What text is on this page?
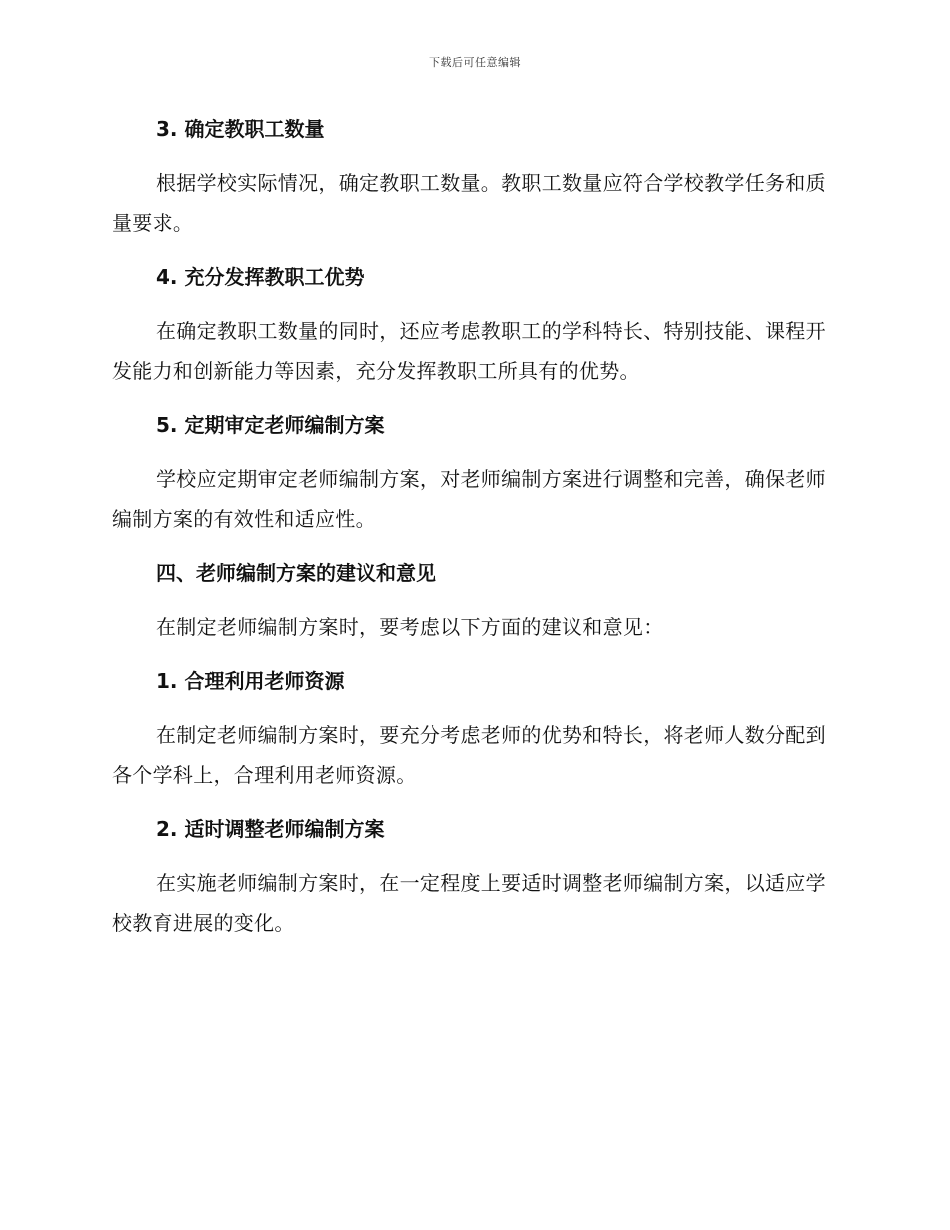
下载后可任意编辑

3. 确定教职工数量

根据学校实际情况，确定教职工数量。教职工数量应符合学校教学任务和质量要求。

4. 充分发挥教职工优势

在确定教职工数量的同时，还应考虑教职工的学科特长、特别技能、课程开发能力和创新能力等因素，充分发挥教职工所具有的优势。

5. 定期审定老师编制方案

学校应定期审定老师编制方案，对老师编制方案进行调整和完善，确保老师编制方案的有效性和适应性。

四、老师编制方案的建议和意见

在制定老师编制方案时，要考虑以下方面的建议和意见：

1. 合理利用老师资源

在制定老师编制方案时，要充分考虑老师的优势和特长，将老师人数分配到各个学科上，合理利用老师资源。

2. 适时调整老师编制方案

在实施老师编制方案时，在一定程度上要适时调整老师编制方案，以适应学校教育进展的变化。
